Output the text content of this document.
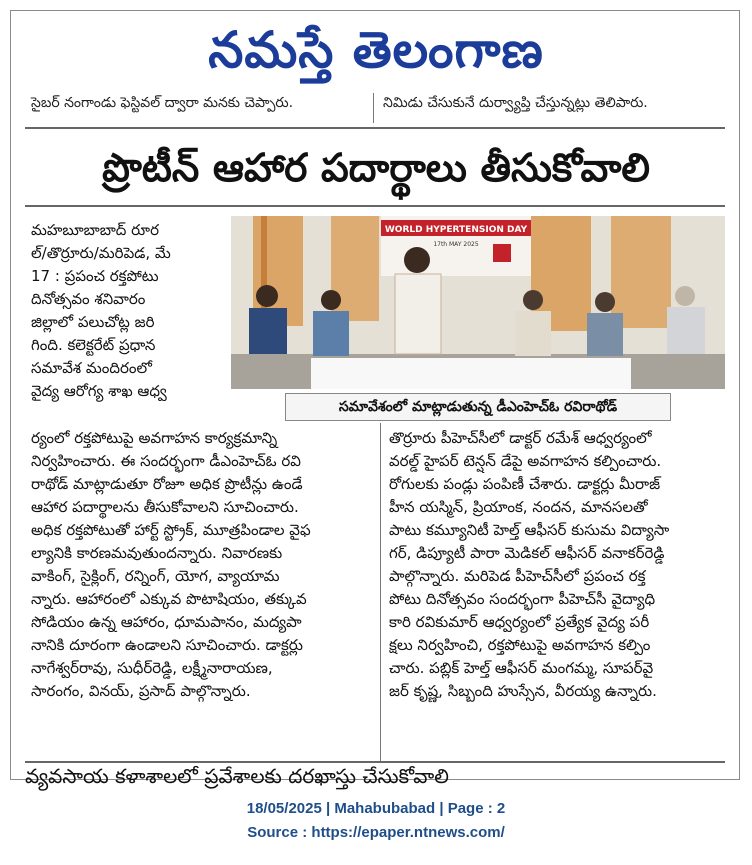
నమస్తే తెలంగాణ
సైబర్ నంగాండు ఫెస్టివల్ ద్వారా మనకు చెప్పారు.	నిమిడు చేసుకునే దుర్వ్యాప్తి చేస్తున్నట్లు తెలిపారు.
ప్రొటీన్ ఆహార పదార్థాలు తీసుకోవాలి
మహబూబాబాద్ రూర
ల్/తొర్రూరు/మరిపెడ, మే
17 : ప్రపంచ రక్తపోటు
దినోత్సవం శనివారం
జిల్లాలో పలుచోట్ల జరి
గింది. కలెక్టరేట్ ప్రధాన
సమావేశ మందిరంలో
వైద్య ఆరోగ్య శాఖ ఆధ్వ
WORLD HYPERTENSION DAY
17th MAY 2025
సమావేశంలో మాట్లాడుతున్న డీఎంహెచ్ఓ రవిరాథోడ్
ర్యంలో రక్తపోటుపై అవగాహన కార్యక్రమాన్ని
నిర్వహించారు. ఈ సందర్భంగా డీఎంహెచ్ఓ రవి
రాథోడ్ మాట్లాడుతూ రోజూ అధిక ప్రొటీన్లు ఉండే
ఆహార పదార్థాలను తీసుకోవాలని సూచించారు.
అధిక రక్తపోటుతో హార్ట్ స్ట్రోక్, మూత్రపిండాల వైఫ
ల్యానికి కారణమవుతుందన్నారు. నివారణకు
వాకింగ్, సైక్లింగ్, రన్నింగ్, యోగ, వ్యాయామ
న్నారు. ఆహారంలో ఎక్కువ పొటాషియం, తక్కువ
సోడియం ఉన్న ఆహారం, ధూమపానం, మద్యపా
నానికి దూరంగా ఉండాలని సూచించారు. డాక్టర్లు
నాగేశ్వర్‌రావు, సుధీర్‌రెడ్డి, లక్ష్మీనారాయణ,
సారంగం, వినయ్, ప్రసాద్ పాల్గొన్నారు.
తొర్రూరు పీహెచ్‌సీలో డాక్టర్ రమేశ్ ఆధ్వర్యంలో
వరల్డ్ హైపర్ టెన్షన్ డేపై అవగాహన కల్పించారు.
రోగులకు పండ్లు పంపిణీ చేశారు. డాక్టర్లు మీరాజ్
హీన యస్మిన్, ప్రియాంక, నందన, మానసలతో
పాటు కమ్యూనిటీ హెల్త్ ఆఫీసర్ కుసుమ విద్యాసా
గర్, డిప్యూటీ పారా మెడికల్ ఆఫీసర్ వనాకర్‌రెడ్డి
పాల్గొన్నారు. మరిపెడ పీహెచ్‌సీలో ప్రపంచ రక్త
పోటు దినోత్సవం సందర్భంగా పీహెచ్‌సీ వైద్యాధి
కారి రవికుమార్ ఆధ్వర్యంలో ప్రత్యేక వైద్య పరీ
క్షలు నిర్వహించి, రక్తపోటుపై అవగాహన కల్పిం
చారు. పబ్లిక్ హెల్త్ ఆఫీసర్ మంగమ్మ, సూపర్‌వై
జర్ కృష్ణ, సిబ్బంది హుస్సేన, వీరయ్య ఉన్నారు.
వ్యవసాయ కళాశాలలో ప్రవేశాలకు దరఖాస్తు చేసుకోవాలి
18/05/2025 | Mahabubabad | Page : 2
Source : https://epaper.ntnews.com/
